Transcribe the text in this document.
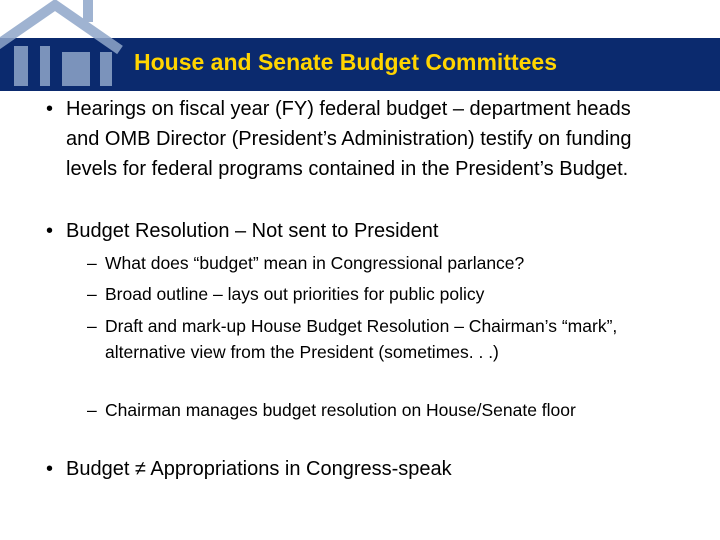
House and Senate Budget Committees
• Hearings on fiscal year (FY) federal budget – department heads and OMB Director (President’s Administration) testify on funding levels for federal programs contained in the President’s Budget.
• Budget Resolution – Not sent to President
– What does “budget” mean in Congressional parlance?
– Broad outline – lays out priorities for public policy
– Draft and mark-up House Budget Resolution – Chairman’s “mark”, alternative view from the President (sometimes. . .)
– Chairman manages budget resolution on House/Senate floor
• Budget ≠ Appropriations in Congress-speak
